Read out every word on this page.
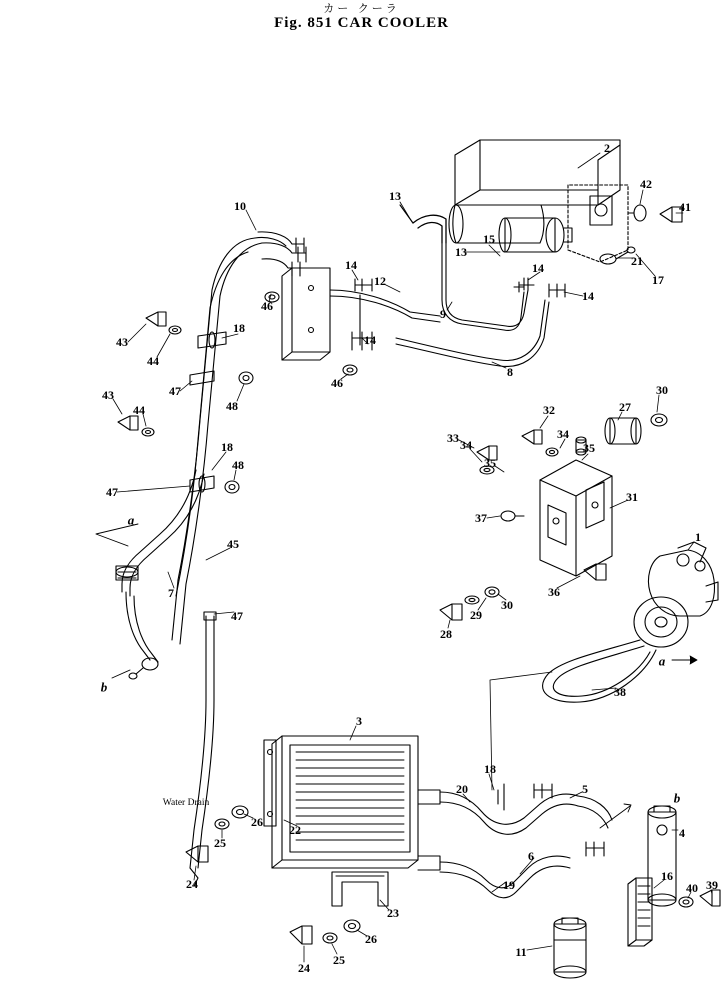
カー クーラ
Fig. 851 CAR COOLER
2
42
41
13
10
15
13
21
17
14
12
14
14
9
46
18
43
44
14
46
8
47
48
43
44
30
27
32
33	34
35
34
35
18
48
31
37
47
1
45
36
29
30
28
7
47
38
3
18
20	5
4
6
22
26
25
24	19
16
40 39
23
26
25
24
11
a
b
a
b
Water Drain
